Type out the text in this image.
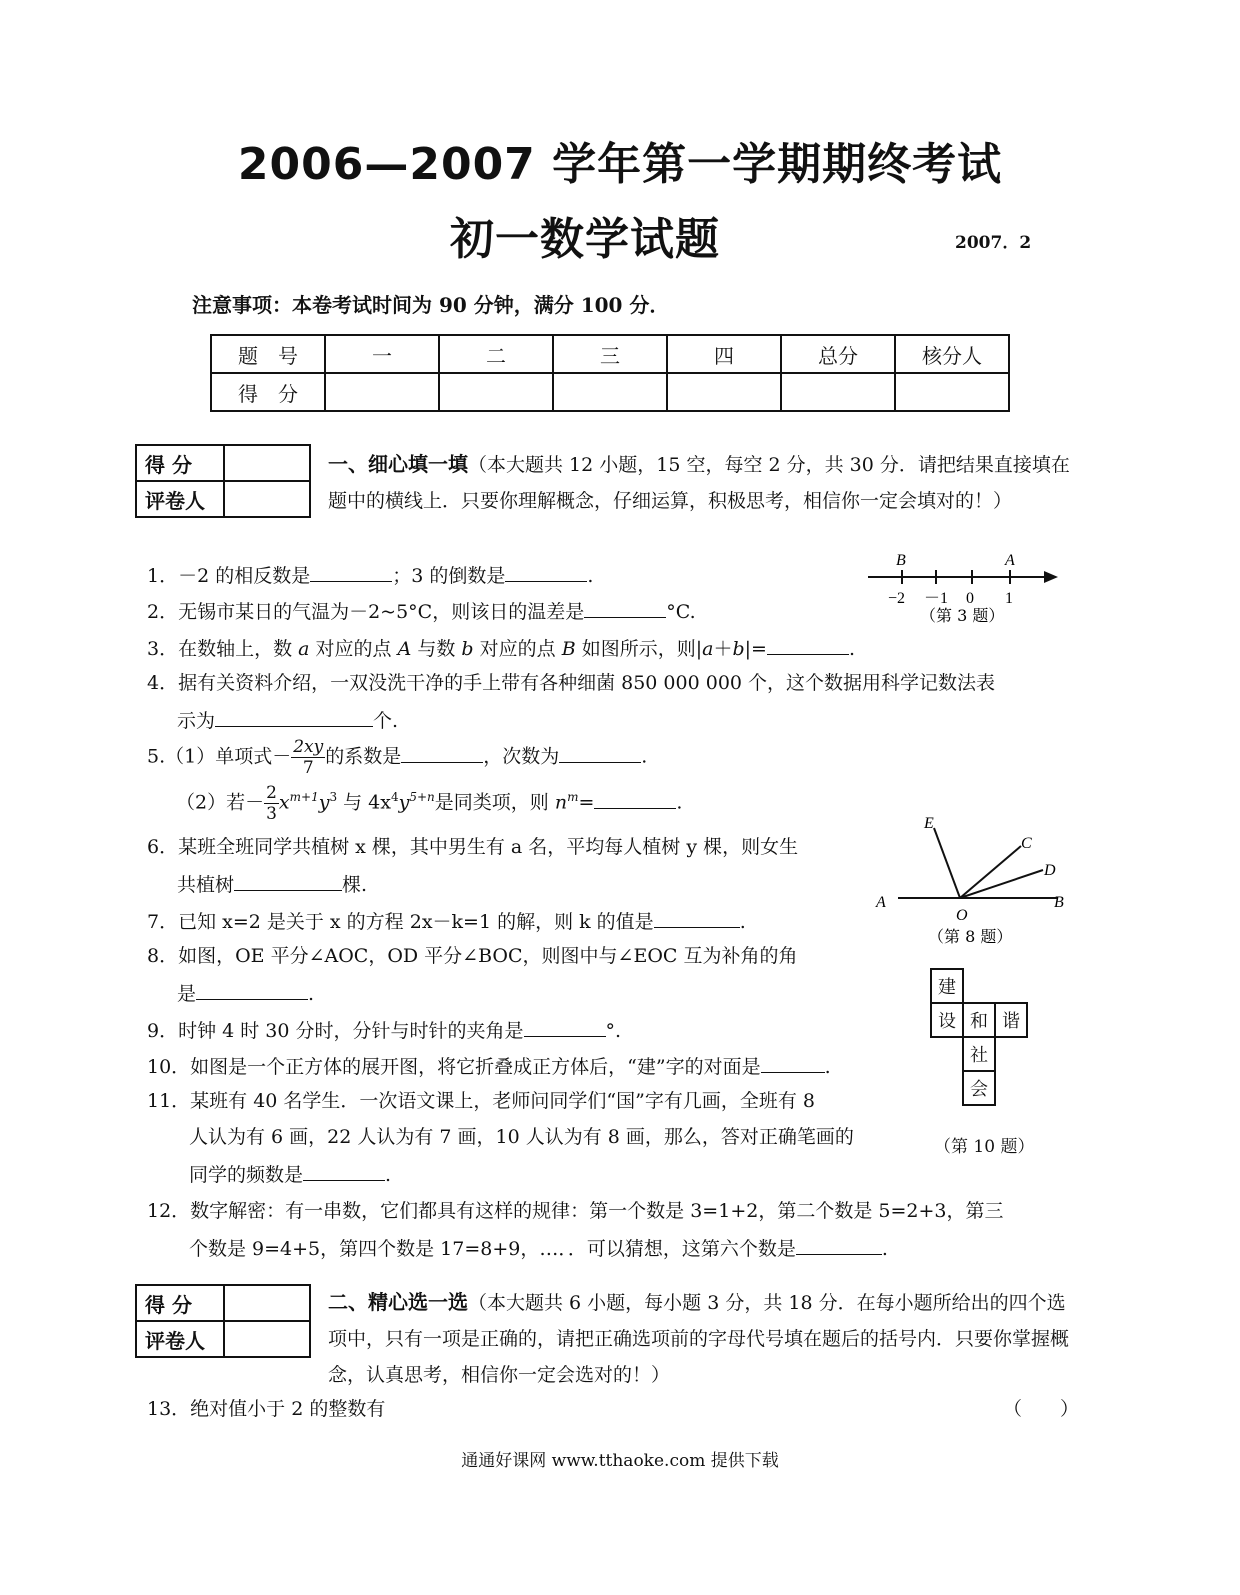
2006—2007 学年第一学期期终考试
初一数学试题	2007．2
注意事项：本卷考试时间为 90 分钟，满分 100 分．
题　号	一	二	三	四	总分	核分人
得　分						
得 分	
评卷人	
一、细心填一填（本大题共 12 小题，15 空，每空 2 分，共 30 分．请把结果直接填在题中的横线上．只要你理解概念，仔细运算，积极思考，相信你一定会填对的！）
1．－2 的相反数是	；3 的倒数是	.
2．无锡市某日的气温为－2~5°C，则该日的温差是	°C.
3．在数轴上，数 a 对应的点 A 与数 b 对应的点 B 如图所示，则|a＋b|=	.
4．据有关资料介绍，一双没洗干净的手上带有各种细菌 850 000 000 个，这个数据用科学记数法表
示为	个.
5.（1）单项式－ $\frac{2xy}{7}$ 的系数是	，次数为	.
（2）若－ $\frac{2}{3} x^{m+1}y^3$ 与 $4x^4y^{5+n}$是同类项，则 $n^m=$	.
6．某班全班同学共植树 x 棵，其中男生有 a 名，平均每人植树 y 棵，则女生
共植树	棵.
7．已知 x=2 是关于 x 的方程 2x－k=1 的解，则 k 的值是	.
8．如图，OE 平分∠AOC，OD 平分∠BOC，则图中与∠EOC 互为补角的角
是	.
9．时钟 4 时 30 分时，分针与时针的夹角是	°.
10．如图是一个正方体的展开图，将它折叠成正方体后，“建”字的对面是	.
11．某班有 40 名学生．一次语文课上，老师问同学们“国”字有几画，全班有 8
人认为有 6 画，22 人认为有 7 画，10 人认为有 8 画，那么，答对正确笔画的
同学的频数是	.
12．数字解密：有一串数，它们都具有这样的规律：第一个数是 3=1+2，第二个数是 5=2+3，第三
个数是 9=4+5，第四个数是 17=8+9，…．．可以猜想，这第六个数是	.
得 分	
评卷人	
二、精心选一选（本大题共 6 小题，每小题 3 分，共 18 分．在每小题所给出的四个选项中，只有一项是正确的，请把正确选项前的字母代号填在题后的括号内．只要你掌握概念，认真思考，相信你一定会选对的！）
13．绝对值小于 2 的整数有	（　　）
B	A
−2 －1 0 1
（第 3 题）
E
C
D
A
O
B
（第 8 题）
建
设 和 谐
社
会
（第 10 题）
通通好课网 www.tthaoke.com 提供下载
